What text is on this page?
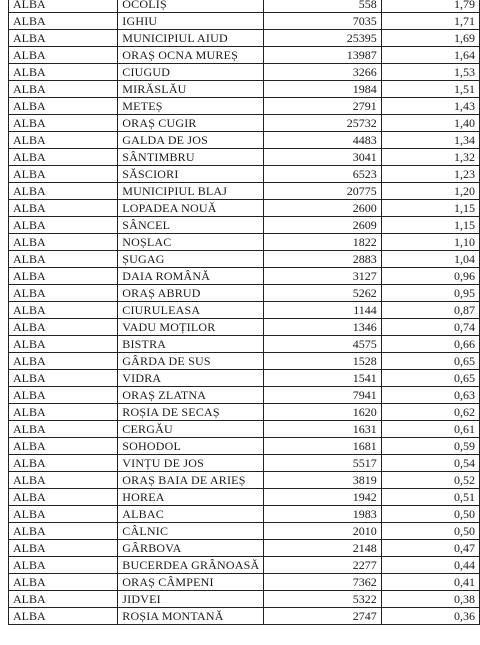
ALBA	OCOLIȘ	558	1,79
ALBA	IGHIU	7035	1,71
ALBA	MUNICIPIUL AIUD	25395	1,69
ALBA	ORAȘ OCNA MUREȘ	13987	1,64
ALBA	CIUGUD	3266	1,53
ALBA	MIRĂSLĂU	1984	1,51
ALBA	METEȘ	2791	1,43
ALBA	ORAȘ CUGIR	25732	1,40
ALBA	GALDA DE JOS	4483	1,34
ALBA	SÂNTIMBRU	3041	1,32
ALBA	SĂSCIORI	6523	1,23
ALBA	MUNICIPIUL BLAJ	20775	1,20
ALBA	LOPADEA NOUĂ	2600	1,15
ALBA	SÂNCEL	2609	1,15
ALBA	NOȘLAC	1822	1,10
ALBA	ȘUGAG	2883	1,04
ALBA	DAIA ROMÂNĂ	3127	0,96
ALBA	ORAȘ ABRUD	5262	0,95
ALBA	CIURULEASA	1144	0,87
ALBA	VADU MOȚILOR	1346	0,74
ALBA	BISTRA	4575	0,66
ALBA	GÂRDA DE SUS	1528	0,65
ALBA	VIDRA	1541	0,65
ALBA	ORAȘ ZLATNA	7941	0,63
ALBA	ROȘIA DE SECAȘ	1620	0,62
ALBA	CERGĂU	1631	0,61
ALBA	SOHODOL	1681	0,59
ALBA	VINȚU DE JOS	5517	0,54
ALBA	ORAȘ BAIA DE ARIEȘ	3819	0,52
ALBA	HOREA	1942	0,51
ALBA	ALBAC	1983	0,50
ALBA	CÂLNIC	2010	0,50
ALBA	GÂRBOVA	2148	0,47
ALBA	BUCERDEA GRÂNOASĂ	2277	0,44
ALBA	ORAȘ CÂMPENI	7362	0,41
ALBA	JIDVEI	5322	0,38
ALBA	ROȘIA MONTANĂ	2747	0,36
